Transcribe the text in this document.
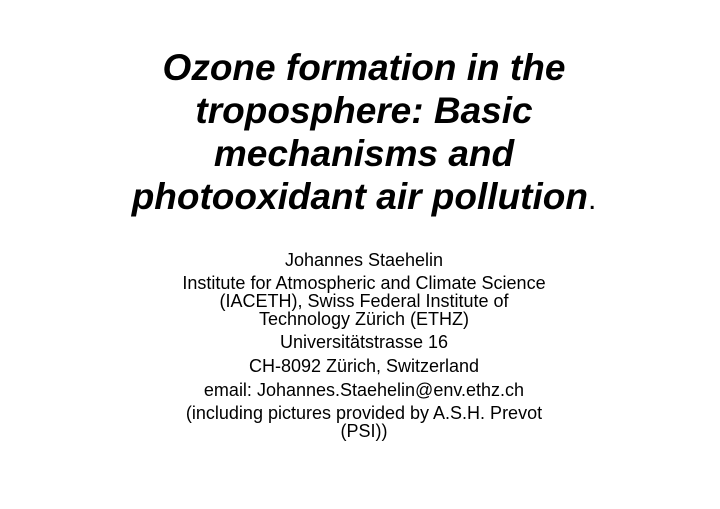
Ozone formation in the
troposphere: Basic
mechanisms and
photooxidant air pollution.
Johannes Staehelin
Institute for Atmospheric and Climate Science
(IACETH), Swiss Federal Institute of
Technology Zürich (ETHZ)
Universitätstrasse 16
CH-8092 Zürich, Switzerland
email: Johannes.Staehelin@env.ethz.ch
(including pictures provided by A.S.H. Prevot
(PSI))
